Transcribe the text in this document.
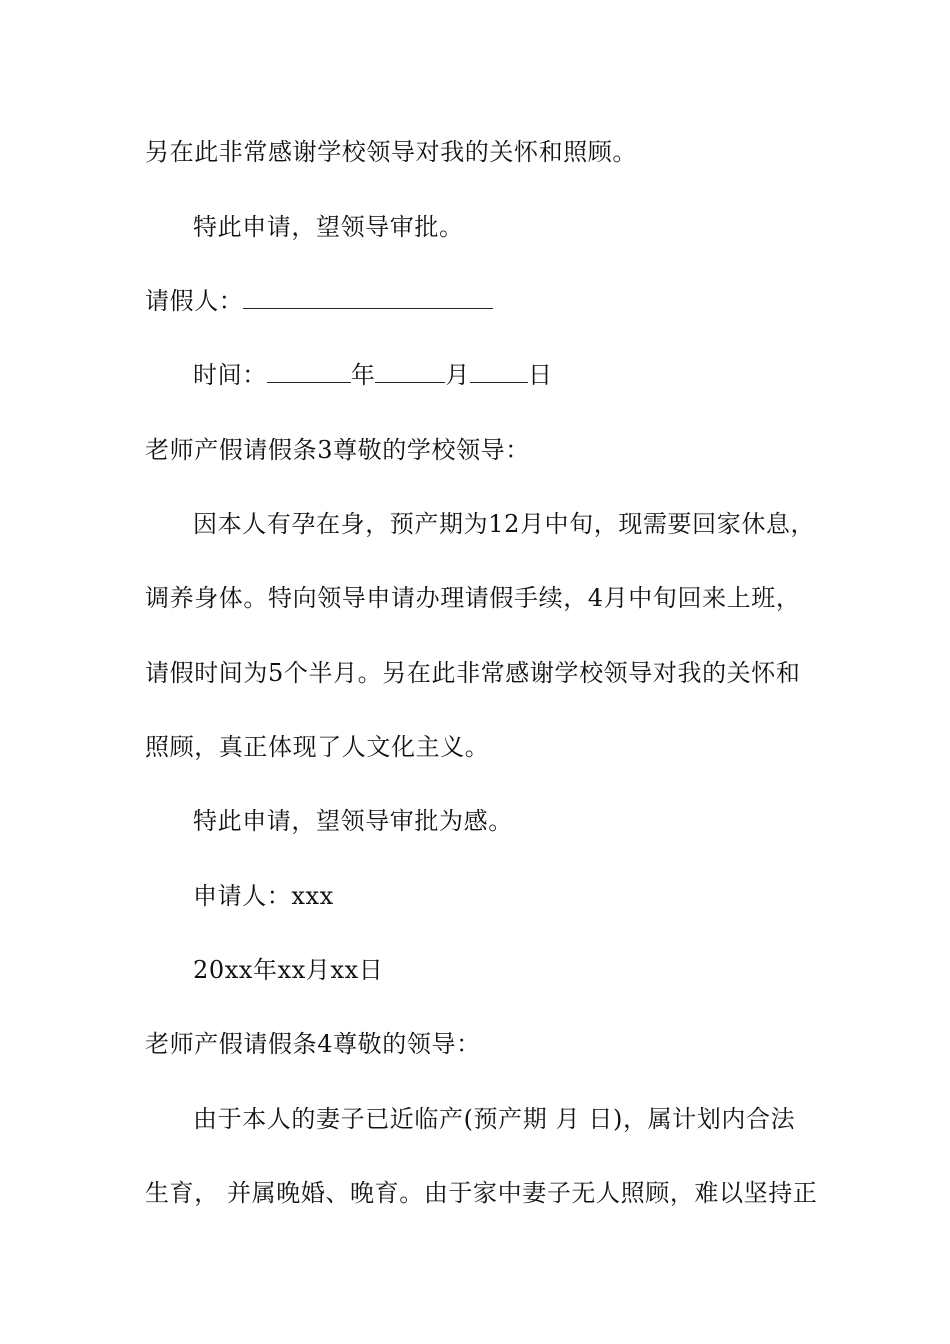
另在此非常感谢学校领导对我的关怀和照顾。
特此申请，望领导审批。
请假人：
时间：	年	月 日
老师产假请假条3尊敬的学校领导：
因本人有孕在身，预产期为12月中旬，现需要回家休息，
调养身体。特向领导申请办理请假手续，4月中旬回来上班，
请假时间为5个半月。另在此非常感谢学校领导对我的关怀和
照顾，真正体现了人文化主义。
特此申请，望领导审批为感。
申请人：xxx
20xx年xx月xx日
老师产假请假条4尊敬的领导：
由于本人的妻子已近临产(预产期 月 日)，属计划内合法
生育， 并属晚婚、晚育。由于家中妻子无人照顾，难以坚持正
